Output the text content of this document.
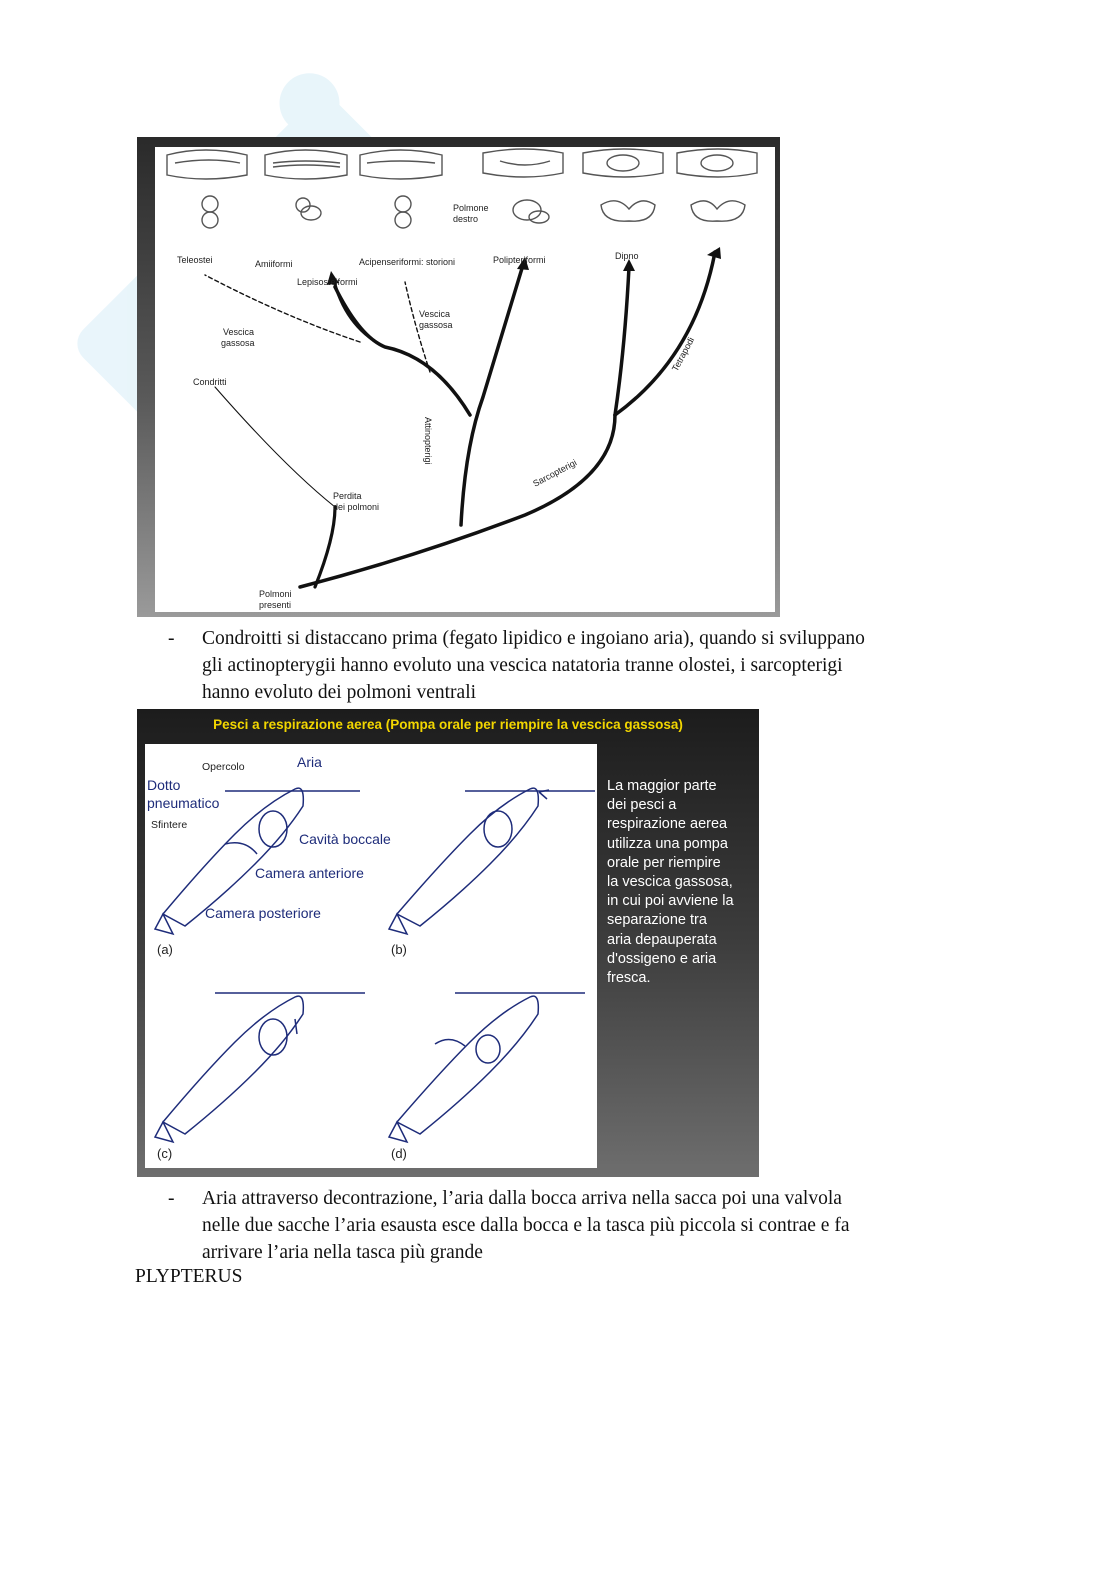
Teleostei	Amiiformi
Lepisosteiformi
Acipenseriformi: storioni	Polipteriformi	Dipno
Polmone
destro
Vescica
gassosa
Vescica
gassosa
Condritti
Perdita
dei polmoni
Attinopterigi
Sarcopterigi
Tetrapodi
Polmoni
presenti
- Condroitti si distaccano prima (fegato lipidico e ingoiano aria), quando si sviluppano
gli actinopterygii hanno evoluto una vescica natatoria tranne olostei, i sarcopterigi
hanno evoluto dei polmoni ventrali
Pesci a respirazione aerea (Pompa orale per riempire la vescica gassosa)
Opercolo	Aria
Dotto
pneumatico
Sfintere
Cavità boccale
Camera anteriore
Camera posteriore
(a)	(b)
(c)	(d)
La maggior parte
dei pesci a
respirazione aerea
utilizza una pompa
orale per riempire
la vescica gassosa,
in cui poi avviene la
separazione tra
aria depauperata
d'ossigeno e aria
fresca.
- Aria attraverso decontrazione, l’aria dalla bocca arriva nella sacca poi una valvola
nelle due sacche l’aria esausta esce dalla bocca e la tasca più piccola si contrae e fa
arrivare l’aria nella tasca più grande
PLYPTERUS
